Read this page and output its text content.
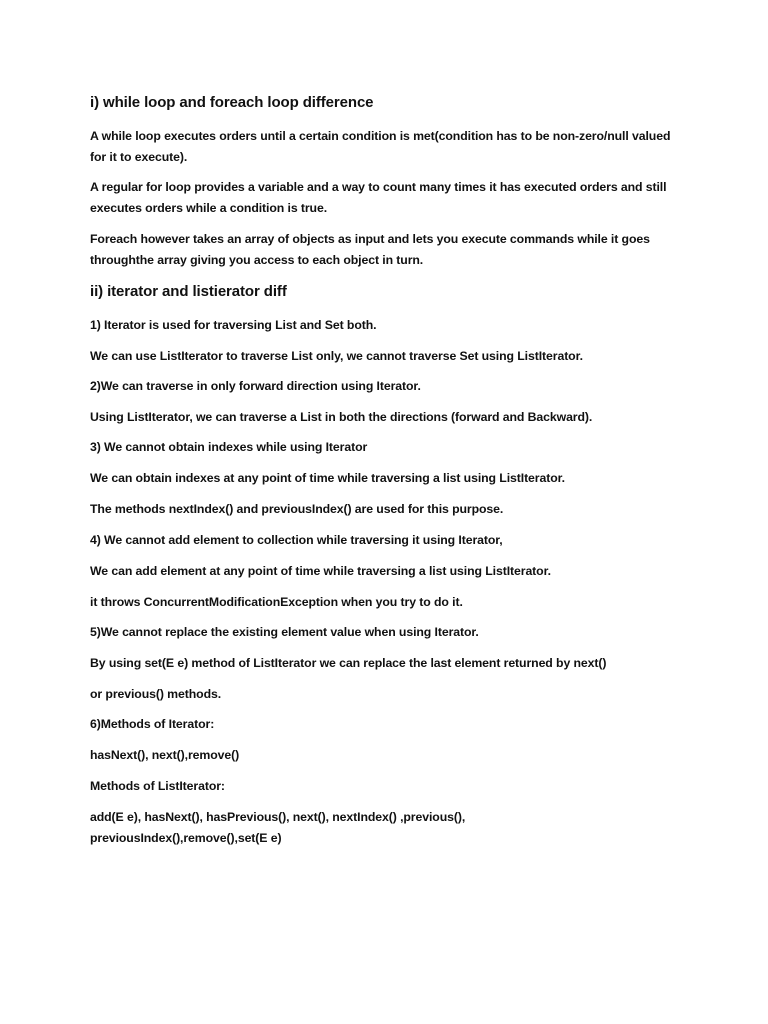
i) while loop and foreach loop difference

A while loop executes orders until a certain condition is met(condition has to be non-zero/null valued for it to execute).

A regular for loop provides a variable and a way to count many times it has executed orders and still executes orders while a condition is true.

Foreach however takes an array of objects as input and lets you execute commands while it goes throughthe array giving you access to each object in turn.

ii) iterator and listierator diff

1) Iterator is used for traversing List and Set both.

We can use ListIterator to traverse List only, we cannot traverse Set using ListIterator.

2)We can traverse in only forward direction using Iterator.

Using ListIterator, we can traverse a List in both the directions (forward and Backward).

3) We cannot obtain indexes while using Iterator

We can obtain indexes at any point of time while traversing a list using ListIterator.

The methods nextIndex() and previousIndex() are used for this purpose.

4) We cannot add element to collection while traversing it using Iterator,

We can add element at any point of time while traversing a list using ListIterator.

it throws ConcurrentModificationException when you try to do it.

5)We cannot replace the existing element value when using Iterator.

By using set(E e) method of ListIterator we can replace the last element returned by next()

or previous() methods.

6)Methods of Iterator:

hasNext(), next(),remove()

Methods of ListIterator:

add(E e), hasNext(), hasPrevious(), next(), nextIndex() ,previous(), previousIndex(),remove(),set(E e)
